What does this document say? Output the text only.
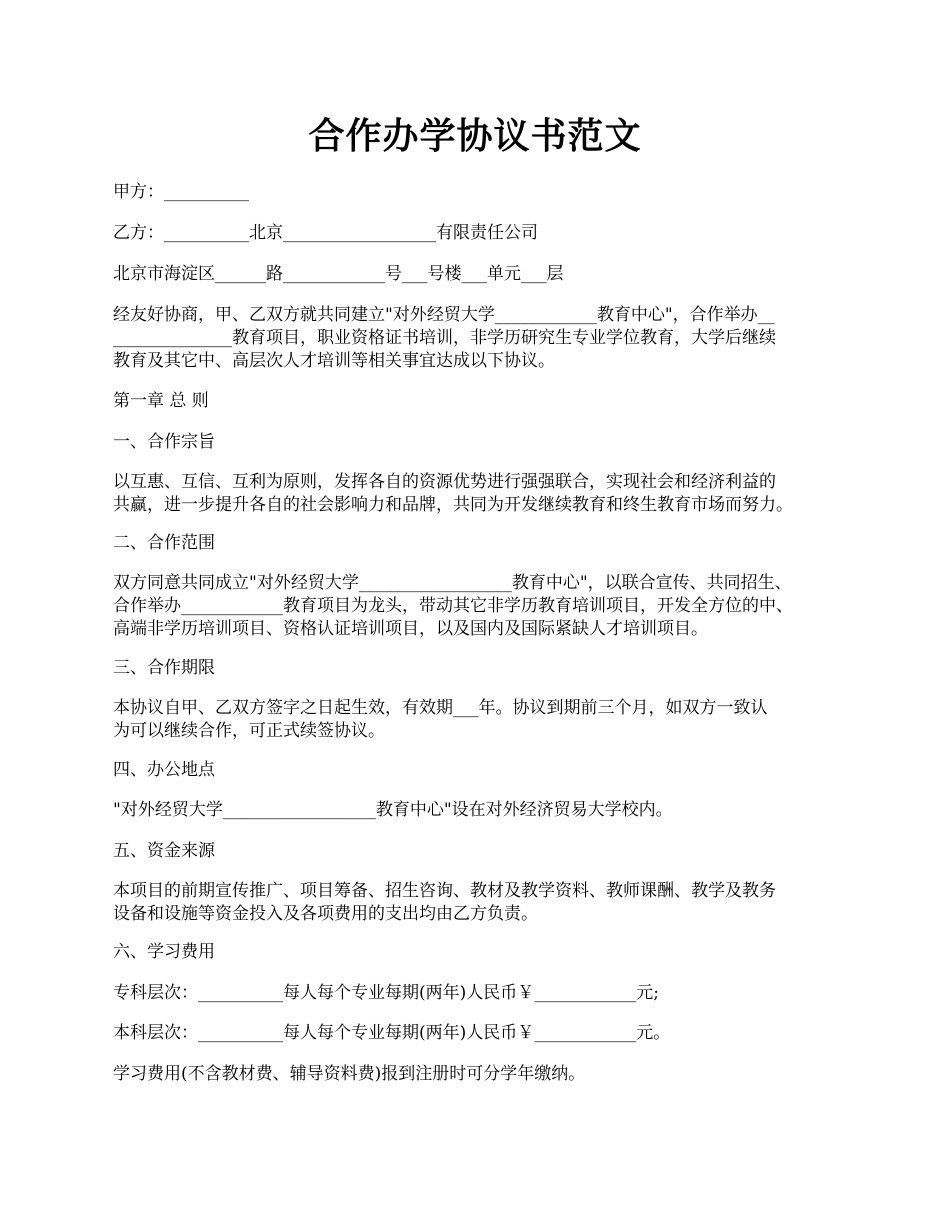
合作办学协议书范文
甲方：__________
乙方：__________北京__________________有限责任公司
北京市海淀区______路____________号___号楼___单元___层
经友好协商，甲、乙双方就共同建立"对外经贸大学____________教育中心"，合作举办__
______________教育项目，职业资格证书培训，非学历研究生专业学位教育，大学后继续
教育及其它中、高层次人才培训等相关事宜达成以下协议。
第一章 总 则
一、合作宗旨
以互惠、互信、互利为原则，发挥各自的资源优势进行强强联合，实现社会和经济利益的
共赢，进一步提升各自的社会影响力和品牌，共同为开发继续教育和终生教育市场而努力。
二、合作范围
双方同意共同成立"对外经贸大学__________________教育中心"，以联合宣传、共同招生、
合作举办____________教育项目为龙头，带动其它非学历教育培训项目，开发全方位的中、
高端非学历培训项目、资格认证培训项目，以及国内及国际紧缺人才培训项目。
三、合作期限
本协议自甲、乙双方签字之日起生效，有效期___年。协议到期前三个月，如双方一致认
为可以继续合作，可正式续签协议。
四、办公地点
"对外经贸大学__________________教育中心"设在对外经济贸易大学校内。
五、资金来源
本项目的前期宣传推广、项目筹备、招生咨询、教材及教学资料、教师课酬、教学及教务
设备和设施等资金投入及各项费用的支出均由乙方负责。
六、学习费用
专科层次：__________每人每个专业每期(两年)人民币￥____________元;
本科层次：__________每人每个专业每期(两年)人民币￥____________元。
学习费用(不含教材费、辅导资料费)报到注册时可分学年缴纳。
